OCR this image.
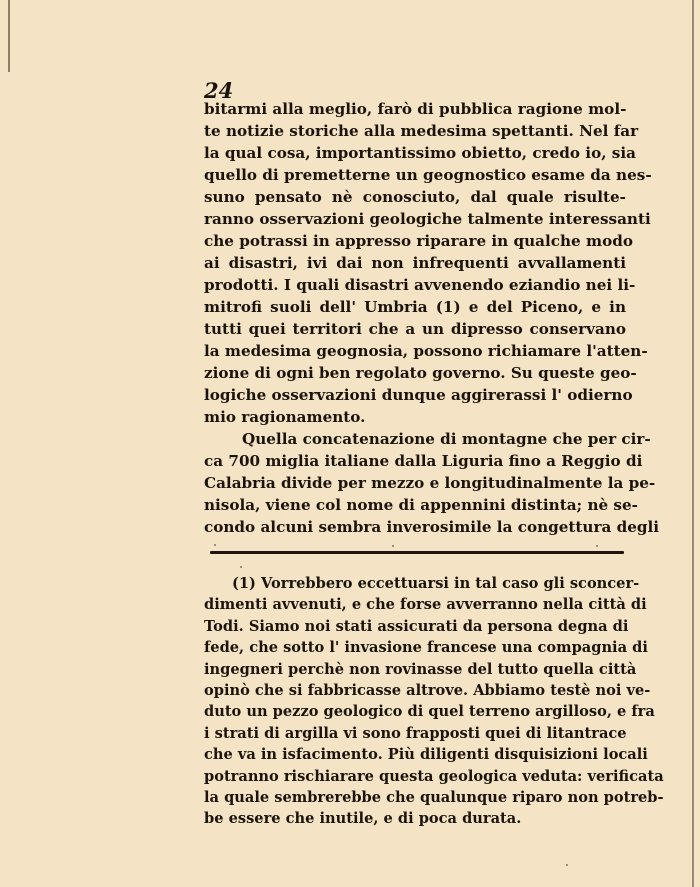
24
bitarmi alla meglio, farò di pubblica ragione mol-
te notizie storiche alla medesima spettanti. Nel far
la qual cosa, importantissimo obietto, credo io, sia
quello di premetterne un geognostico esame da nes-
suno pensato nè conosciuto, dal quale risulte-
ranno osservazioni geologiche talmente interessanti
che potrassi in appresso riparare in qualche modo
ai disastri, ivi dai non infrequenti avvallamenti
prodotti. I quali disastri avvenendo eziandio nei li-
mitrofi suoli dell' Umbria (1) e del Piceno, e in
tutti quei territori che a un dipresso conservano
la medesima geognosia, possono richiamare l'atten-
zione di ogni ben regolato governo. Su queste geo-
logiche osservazioni dunque aggirerassi l' odierno
mio ragionamento.
Quella concatenazione di montagne che per cir-
ca 700 miglia italiane dalla Liguria fino a Reggio di
Calabria divide per mezzo e longitudinalmente la pe-
nisola, viene col nome di appennini distinta; nè se-
condo alcuni sembra inverosimile la congettura degli
(1) Vorrebbero eccettuarsi in tal caso gli sconcer-
dimenti avvenuti, e che forse avverranno nella città di
Todi. Siamo noi stati assicurati da persona degna di
fede, che sotto l' invasione francese una compagnia di
ingegneri perchè non rovinasse del tutto quella città
opinò che si fabbricasse altrove. Abbiamo testè noi ve-
duto un pezzo geologico di quel terreno argilloso, e fra
i strati di argilla vi sono frapposti quei di litantrace
che va in isfacimento. Più diligenti disquisizioni locali
potranno rischiarare questa geologica veduta: verificata
la quale sembrerebbe che qualunque riparo non potreb-
be essere che inutile, e di poca durata.
